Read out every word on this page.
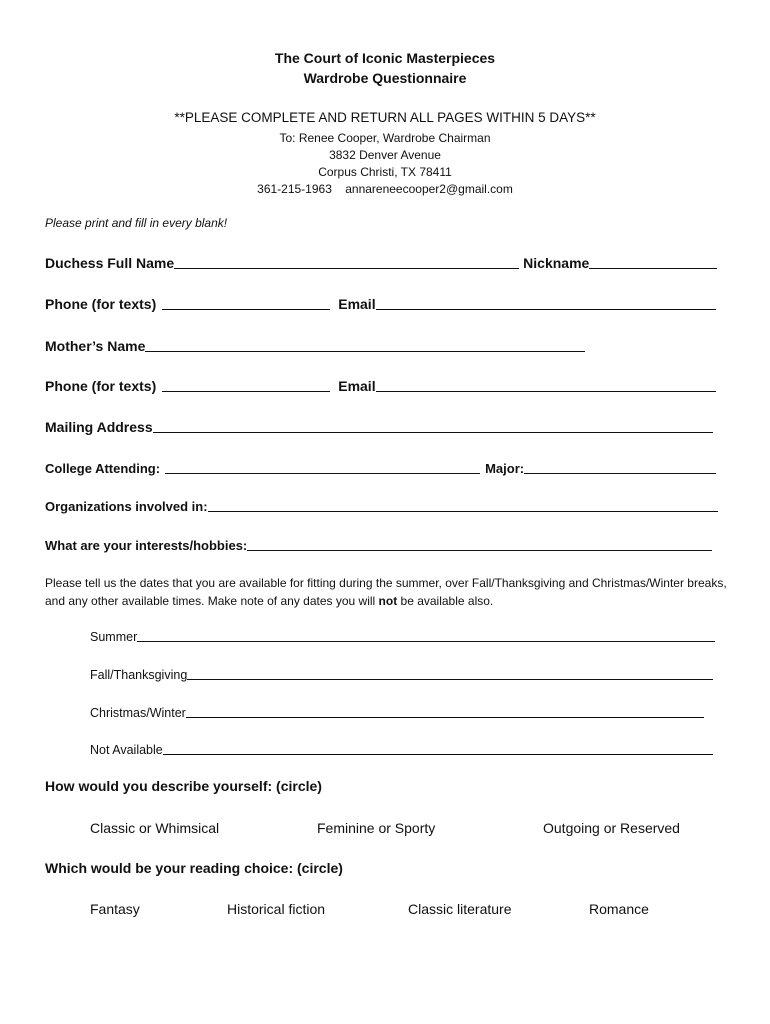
The Court of Iconic Masterpieces
Wardrobe Questionnaire
**PLEASE COMPLETE AND RETURN ALL PAGES WITHIN 5 DAYS**
To: Renee Cooper, Wardrobe Chairman
3832 Denver Avenue
Corpus Christi, TX 78411
361-215-1963 annareneecooper2@gmail.com
Please print and fill in every blank!
Duchess Full Name	Nickname
Phone (for texts)	Email
Mother’s Name
Phone (for texts)	Email
Mailing Address
College Attending:	Major:
Organizations involved in:
What are your interests/hobbies:
Please tell us the dates that you are available for fitting during the summer, over Fall/Thanksgiving and Christmas/Winter breaks, and any other available times. Make note of any dates you will not be available also.
Summer
Fall/Thanksgiving
Christmas/Winter
Not Available
How would you describe yourself: (circle)
Classic or Whimsical	Feminine or Sporty	Outgoing or Reserved
Which would be your reading choice: (circle)
Fantasy	Historical fiction	Classic literature	Romance
